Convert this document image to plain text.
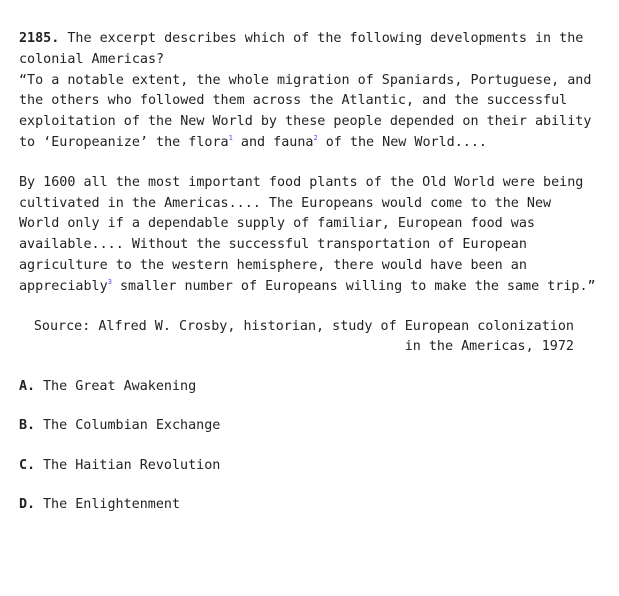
2185. The excerpt describes which of the following developments in the colonial Americas?

“To a notable extent, the whole migration of Spaniards, Portuguese, and the others who followed them across the Atlantic, and the successful exploitation of the New World by these people depended on their ability to ‘Europeanize’ the flora$^1$ and fauna$^2$ of the New World....

By 1600 all the most important food plants of the Old World were being cultivated in the Americas.... The Europeans would come to the New World only if a dependable supply of familiar, European food was available.... Without the successful transportation of European agriculture to the western hemisphere, there would have been an appreciably$^3$ smaller number of Europeans willing to make the same trip.”

Source: Alfred W. Crosby, historian, study of European colonization
in the Americas, 1972
A. The Great Awakening
B. The Columbian Exchange
C. The Haitian Revolution
D. The Enlightenment
